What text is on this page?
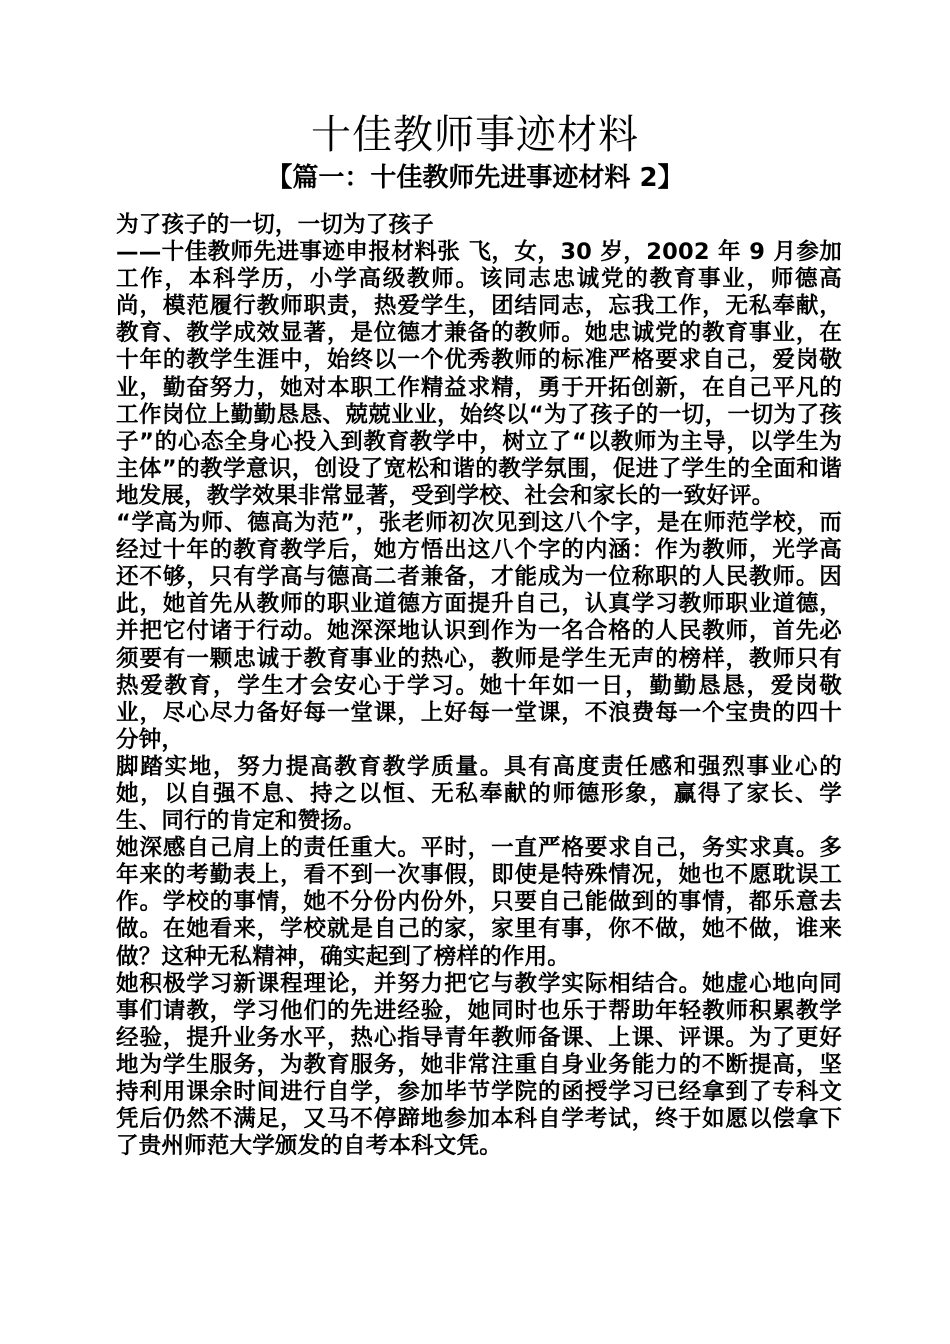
十佳教师事迹材料
【篇一：十佳教师先进事迹材料 2】

为了孩子的一切，一切为了孩子

——十佳教师先进事迹申报材料张 飞，女，30 岁，2002 年 9 月参加工作，本科学历，小学高级教师。该同志忠诚党的教育事业，师德高尚，模范履行教师职责，热爱学生，团结同志，忘我工作，无私奉献，教育、教学成效显著，是位德才兼备的教师。她忠诚党的教育事业，在十年的教学生涯中，始终以一个优秀教师的标准严格要求自己，爱岗敬业，勤奋努力，她对本职工作精益求精，勇于开拓创新，在自己平凡的工作岗位上勤勤恳恳、兢兢业业，始终以“为了孩子的一切，一切为了孩子”的心态全身心投入到教育教学中，树立了“以教师为主导，以学生为主体”的教学意识，创设了宽松和谐的教学氛围，促进了学生的全面和谐地发展，教学效果非常显著，受到学校、社会和家长的一致好评。

“学高为师、德高为范”，张老师初次见到这八个字，是在师范学校，而经过十年的教育教学后，她方悟出这八个字的内涵：作为教师，光学高还不够，只有学高与德高二者兼备，才能成为一位称职的人民教师。因此，她首先从教师的职业道德方面提升自己，认真学习教师职业道德，并把它付诸于行动。她深深地认识到作为一名合格的人民教师，首先必须要有一颗忠诚于教育事业的热心，教师是学生无声的榜样，教师只有热爱教育，学生才会安心于学习。她十年如一日，勤勤恳恳，爱岗敬业，尽心尽力备好每一堂课，上好每一堂课，不浪费每一个宝贵的四十分钟，

脚踏实地，努力提高教育教学质量。具有高度责任感和强烈事业心的她，以自强不息、持之以恒、无私奉献的师德形象，赢得了家长、学生、同行的肯定和赞扬。

她深感自己肩上的责任重大。平时，一直严格要求自己，务实求真。多年来的考勤表上，看不到一次事假，即使是特殊情况，她也不愿耽误工作。学校的事情，她不分份内份外，只要自己能做到的事情，都乐意去做。在她看来，学校就是自己的家，家里有事，你不做，她不做，谁来做？这种无私精神，确实起到了榜样的作用。

她积极学习新课程理论，并努力把它与教学实际相结合。她虚心地向同事们请教，学习他们的先进经验，她同时也乐于帮助年轻教师积累教学经验，提升业务水平，热心指导青年教师备课、上课、评课。为了更好地为学生服务，为教育服务，她非常注重自身业务能力的不断提高，坚持利用课余时间进行自学，参加毕节学院的函授学习已经拿到了专科文凭后仍然不满足，又马不停蹄地参加本科自学考试，终于如愿以偿拿下了贵州师范大学颁发的自考本科文凭。
